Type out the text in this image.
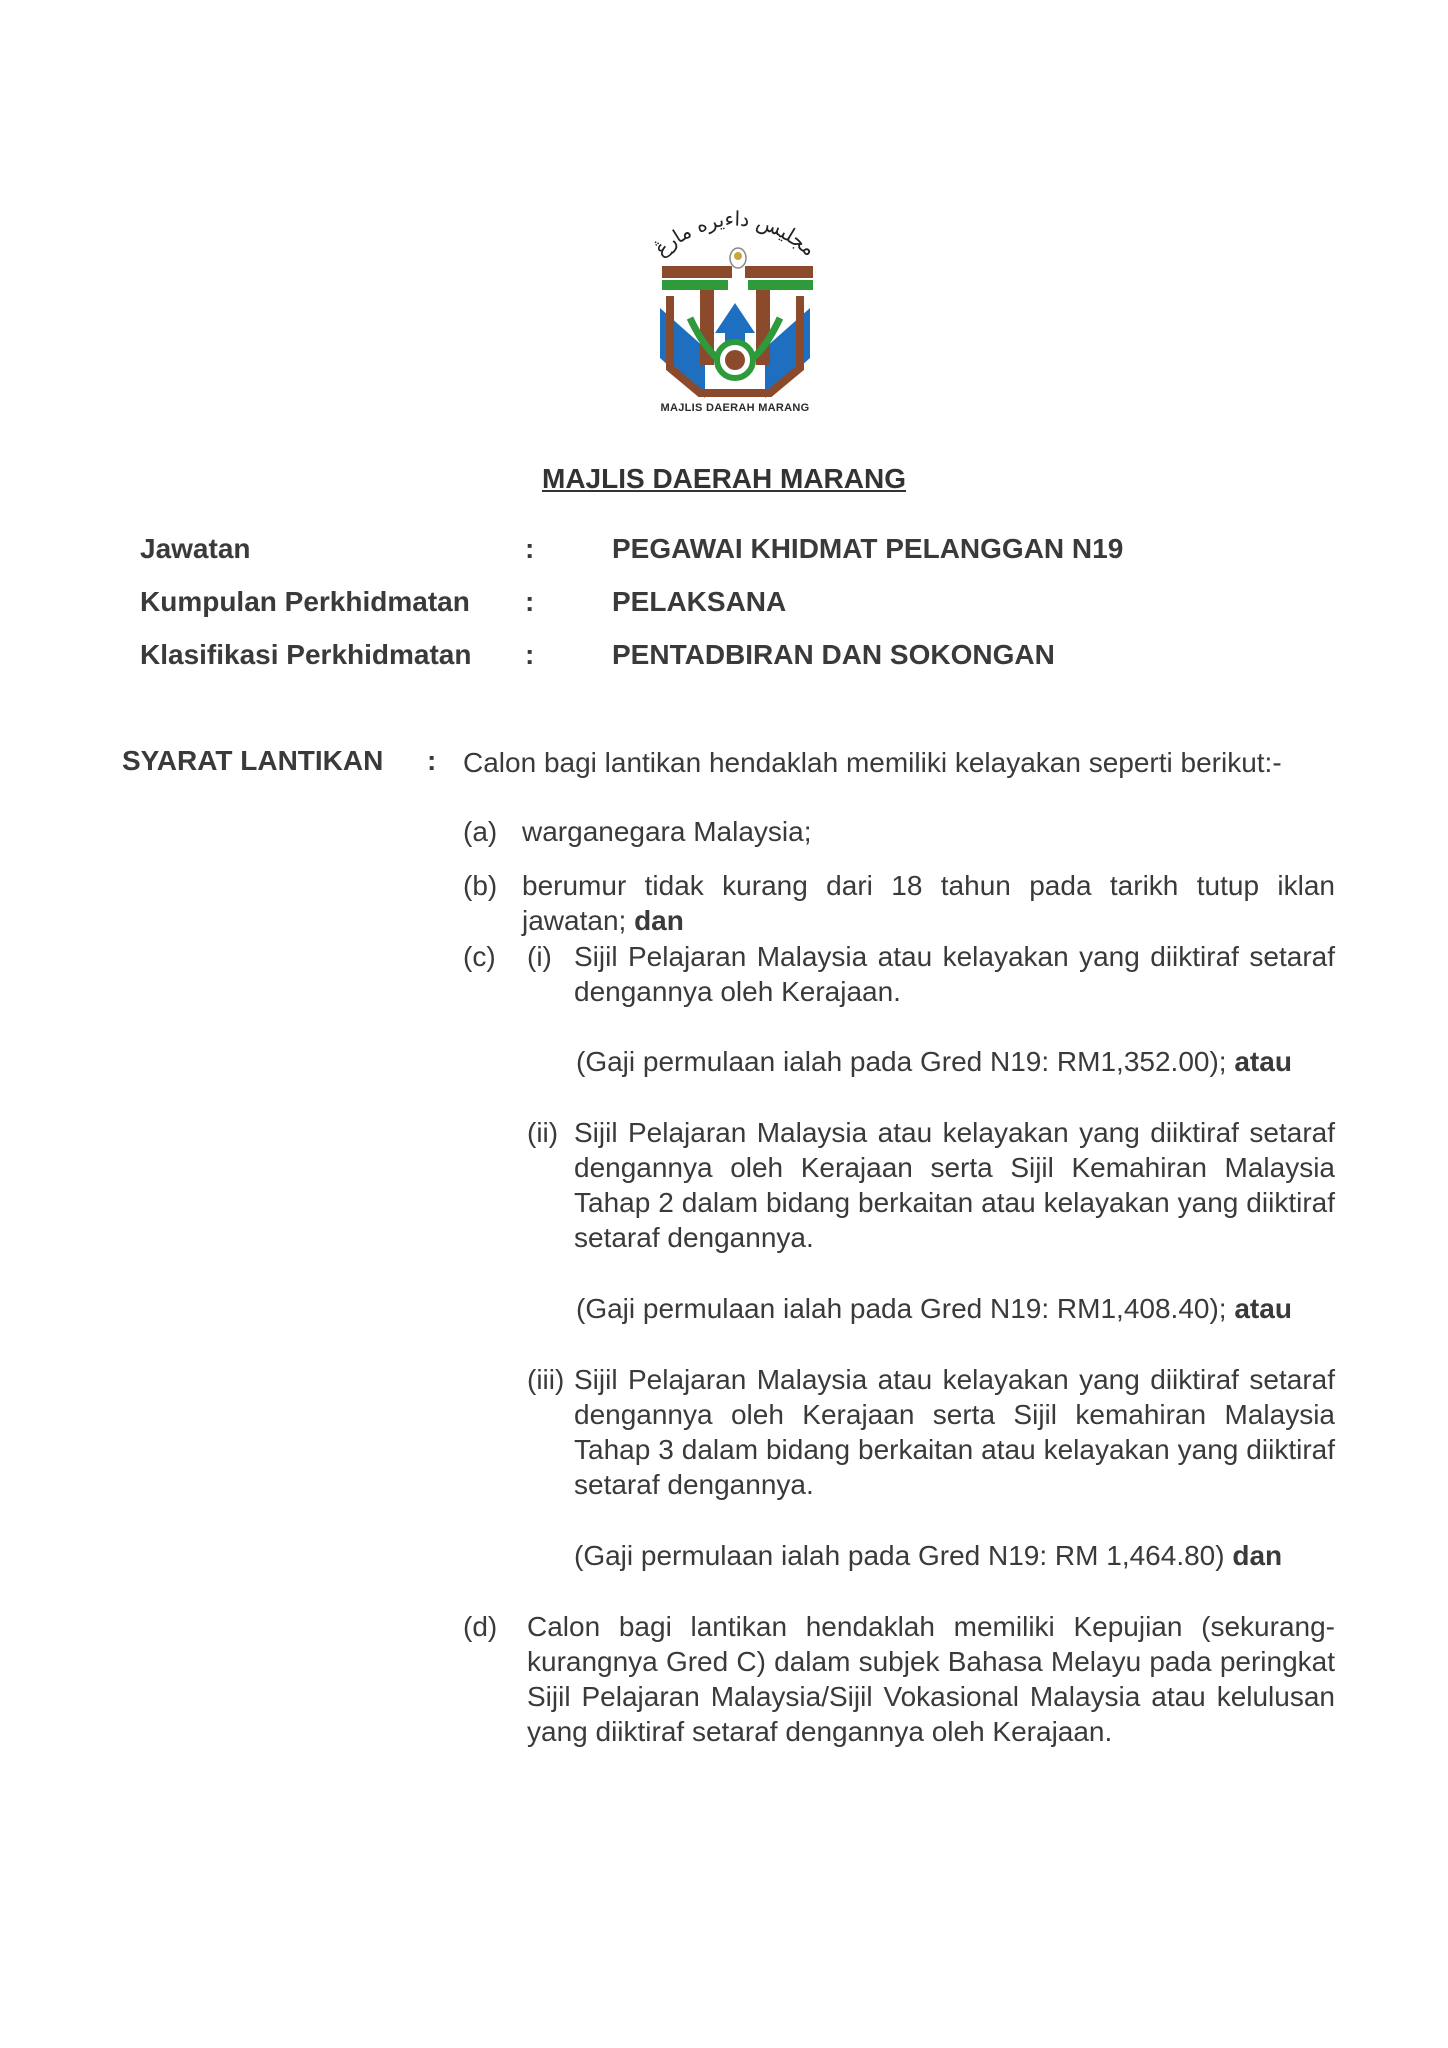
مجليس داءيره مارڠ
MAJLIS DAERAH MARANG
MAJLIS DAERAH MARANG
Jawatan	:	PEGAWAI KHIDMAT PELANGGAN N19
Kumpulan Perkhidmatan :	PELAKSANA
Klasifikasi Perkhidmatan :	PENTADBIRAN DAN SOKONGAN
SYARAT LANTIKAN : Calon bagi lantikan hendaklah memiliki kelayakan seperti berikut:-
(a) warganegara Malaysia;
(b) berumur tidak kurang dari 18 tahun pada tarikh tutup iklan jawatan; dan
(c) (i) Sijil Pelajaran Malaysia atau kelayakan yang diiktiraf setaraf dengannya oleh Kerajaan.
(Gaji permulaan ialah pada Gred N19: RM1,352.00); atau
(ii) Sijil Pelajaran Malaysia atau kelayakan yang diiktiraf setaraf dengannya oleh Kerajaan serta Sijil Kemahiran Malaysia Tahap 2 dalam bidang berkaitan atau kelayakan yang diiktiraf setaraf dengannya.
(Gaji permulaan ialah pada Gred N19: RM1,408.40); atau
(iii) Sijil Pelajaran Malaysia atau kelayakan yang diiktiraf setaraf dengannya oleh Kerajaan serta Sijil kemahiran Malaysia Tahap 3 dalam bidang berkaitan atau kelayakan yang diiktiraf setaraf dengannya.
(Gaji permulaan ialah pada Gred N19: RM 1,464.80) dan
(d) Calon bagi lantikan hendaklah memiliki Kepujian (sekurang-kurangnya Gred C) dalam subjek Bahasa Melayu pada peringkat Sijil Pelajaran Malaysia/Sijil Vokasional Malaysia atau kelulusan yang diiktiraf setaraf dengannya oleh Kerajaan.
